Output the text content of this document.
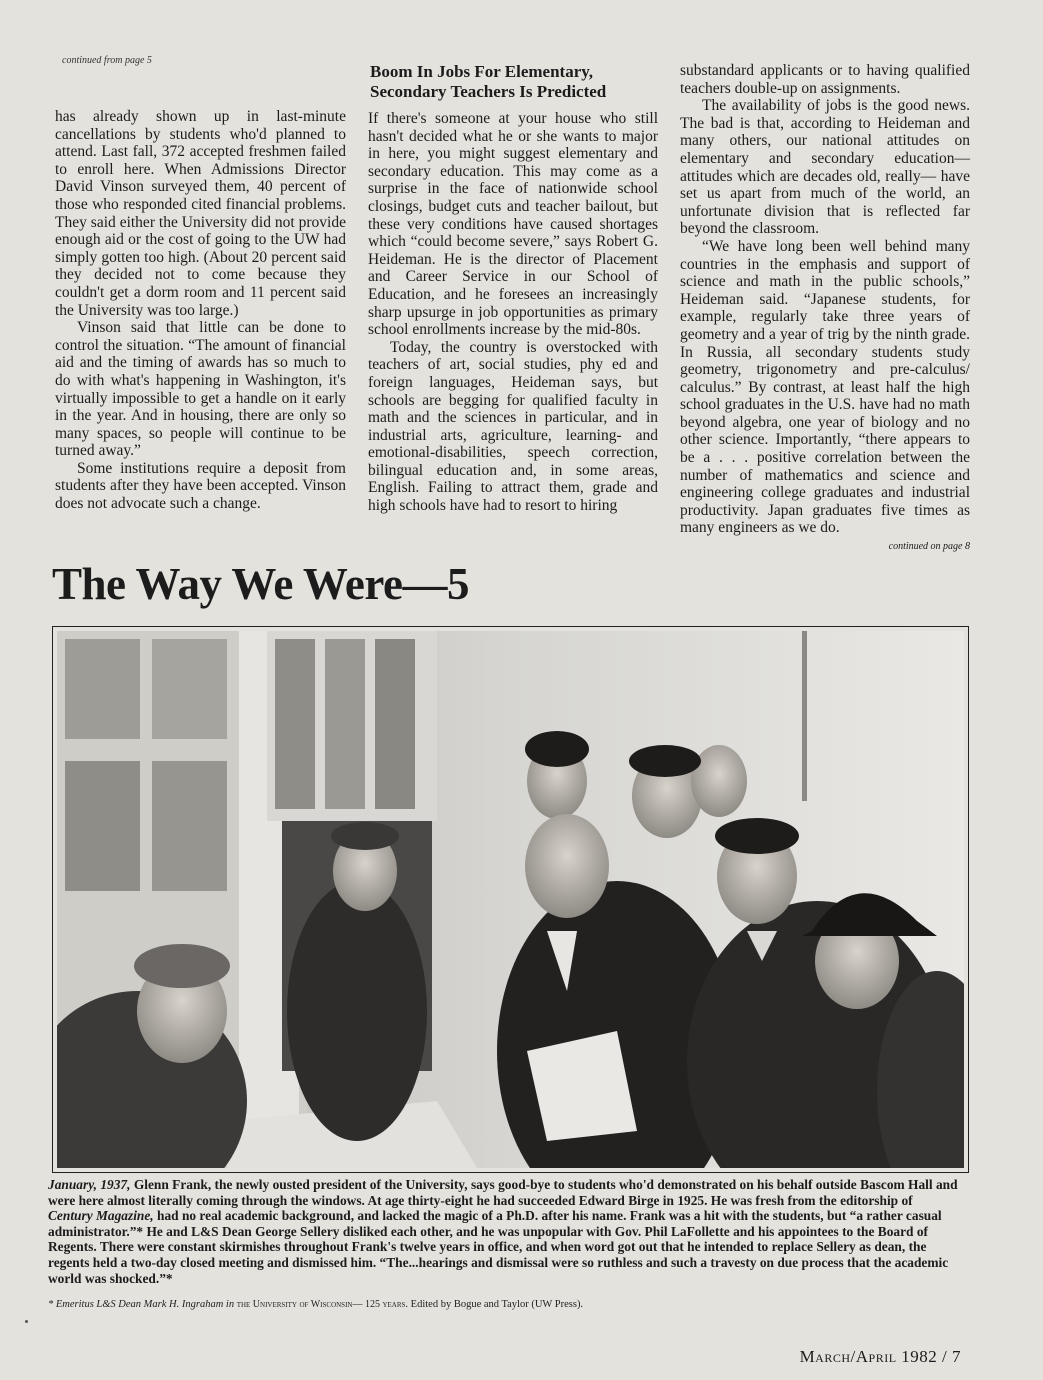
continued from page 5

has already shown up in last-minute cancellations by students who'd planned to attend. Last fall, 372 accepted freshmen failed to enroll here. When Admissions Director David Vinson surveyed them, 40 percent of those who responded cited financial problems. They said either the University did not provide enough aid or the cost of going to the UW had simply gotten too high. (About 20 percent said they decided not to come because they couldn't get a dorm room and 11 percent said the University was too large.)

Vinson said that little can be done to control the situation. “The amount of financial aid and the timing of awards has so much to do with what's happening in Washington, it's virtually impossible to get a handle on it early in the year. And in housing, there are only so many spaces, so people will continue to be turned away.”

Some institutions require a deposit from students after they have been accepted. Vinson does not advocate such a change.

Boom In Jobs For Elementary, Secondary Teachers Is Predicted

If there's someone at your house who still hasn't decided what he or she wants to major in here, you might suggest elementary and secondary education. This may come as a surprise in the face of nationwide school closings, budget cuts and teacher bailout, but these very conditions have caused shortages which “could become severe,” says Robert G. Heideman. He is the director of Placement and Career Service in our School of Education, and he foresees an increasingly sharp upsurge in job opportunities as primary school enrollments increase by the mid-80s.

Today, the country is overstocked with teachers of art, social studies, phy ed and foreign languages, Heideman says, but schools are begging for qualified faculty in math and the sciences in particular, and in industrial arts, agriculture, learning- and emotional-disabilities, speech correction, bilingual education and, in some areas, English. Failing to attract them, grade and high schools have had to resort to hiring

substandard applicants or to having qualified teachers double-up on assignments.

The availability of jobs is the good news. The bad is that, according to Heideman and many others, our national attitudes on elementary and secondary education— attitudes which are decades old, really— have set us apart from much of the world, an unfortunate division that is reflected far beyond the classroom.

“We have long been well behind many countries in the emphasis and support of science and math in the public schools,” Heideman said. “Japanese students, for example, regularly take three years of geometry and a year of trig by the ninth grade. In Russia, all secondary students study geometry, trigonometry and pre-calculus/ calculus.” By contrast, at least half the high school graduates in the U.S. have had no math beyond algebra, one year of biology and no other science. Importantly, “there appears to be a . . . positive correlation between the number of mathematics and science and engineering college graduates and industrial productivity. Japan graduates five times as many engineers as we do.

continued on page 8
The Way We Were—5

January, 1937, Glenn Frank, the newly ousted president of the University, says good-bye to students who'd demonstrated on his behalf outside Bascom Hall and were here almost literally coming through the windows. At age thirty-eight he had succeeded Edward Birge in 1925. He was fresh from the editorship of Century Magazine, had no real academic background, and lacked the magic of a Ph.D. after his name. Frank was a hit with the students, but “a rather casual administrator.”* He and L&S Dean George Sellery disliked each other, and he was unpopular with Gov. Phil LaFollette and his appointees to the Board of Regents. There were constant skirmishes throughout Frank's twelve years in office, and when word got out that he intended to replace Sellery as dean, the regents held a two-day closed meeting and dismissed him. “The...hearings and dismissal were so ruthless and such a travesty on due process that the academic world was shocked.”*

* Emeritus L&S Dean Mark H. Ingraham in the University of Wisconsin— 125 years. Edited by Bogue and Taylor (UW Press).

March/April 1982 / 7
